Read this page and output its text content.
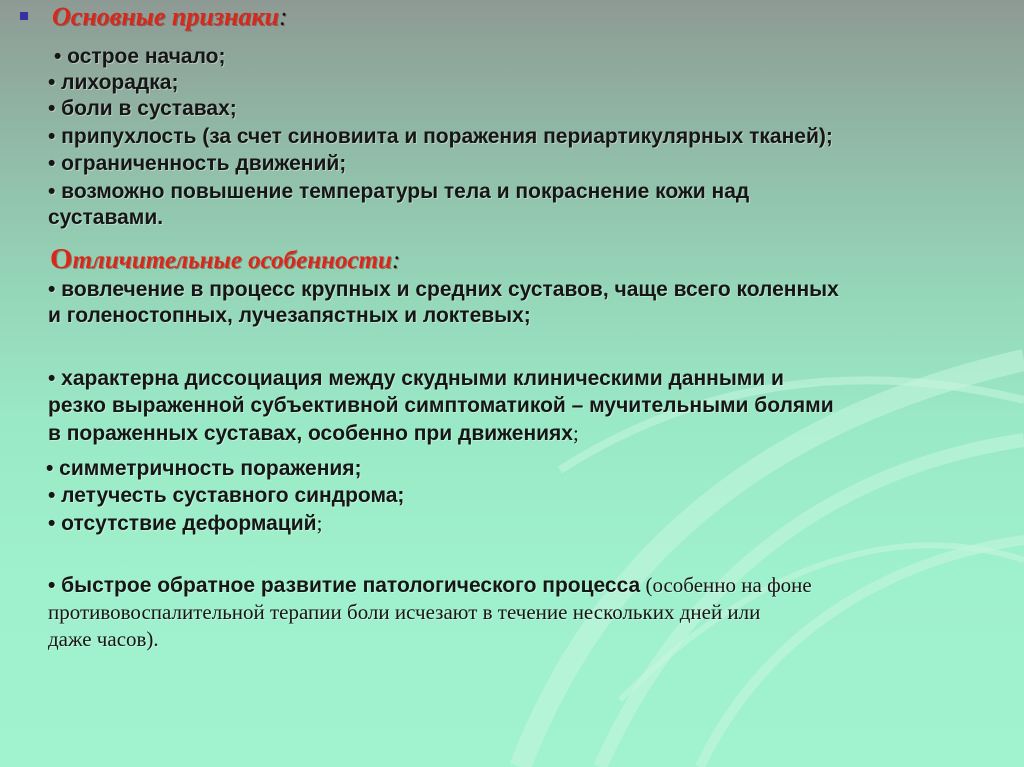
Основные признаки:
• острое начало;
• лихорадка;
• боли в суставах;
• припухлость (за счет синовиита и поражения периартикулярных тканей);
• ограниченность движений;
• возможно повышение температуры тела и покраснение кожи над
суставами.
Отличительные особенности:
• вовлечение в процесс крупных и средних суставов, чаще всего коленных
и голеностопных, лучезапястных и локтевых;
• характерна диссоциация между скудными клиническими данными и
резко выраженной субъективной симптоматикой – мучительными болями
в пораженных суставах, особенно при движениях;
• симметричность поражения;
• летучесть суставного синдрома;
• отсутствие деформаций;
• быстрое обратное развитие патологического процесса (особенно на фоне
противовоспалительной терапии боли исчезают в течение нескольких дней или
даже часов).
